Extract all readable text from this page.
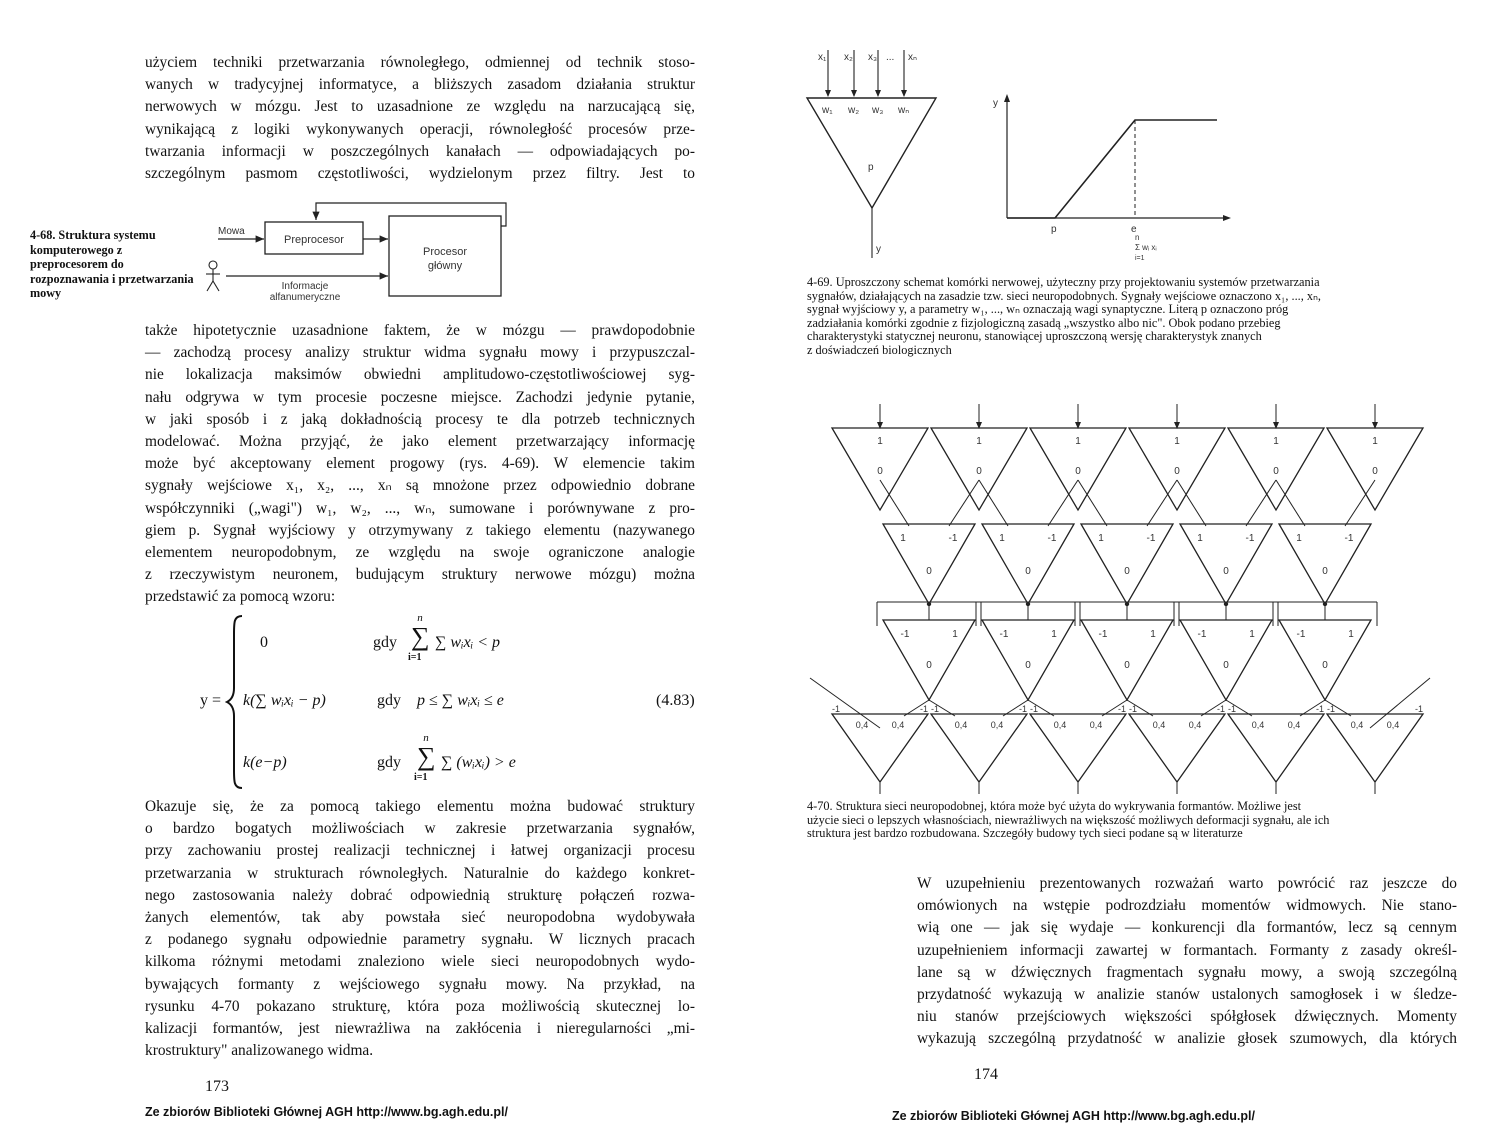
użyciem techniki przetwarzania równoległego, odmiennej od technik stoso-
wanych w tradycyjnej informatyce, a bliższych zasadom działania struktur
nerwowych w mózgu. Jest to uzasadnione ze względu na narzucającą się,
wynikającą z logiki wykonywanych operacji, równoległość procesów prze-
twarzania informacji w poszczególnych kanałach — odpowiadających po-
szczególnym pasmom częstotliwości, wydzielonym przez filtry. Jest to
4-68. Struktura systemu komputerowego z preprocesorem do rozpoznawania i przetwarzania mowy
Mowa
Preprocesor
Procesor
główny
Informacje
alfanumeryczne
także hipotetycznie uzasadnione faktem, że w mózgu — prawdopodobnie
— zachodzą procesy analizy struktur widma sygnału mowy i przypuszczal-
nie lokalizacja maksimów obwiedni amplitudowo-częstotliwościowej syg-
nału odgrywa w tym procesie poczesne miejsce. Zachodzi jedynie pytanie,
w jaki sposób i z jaką dokładnością procesy te dla potrzeb technicznych
modelować. Można przyjąć, że jako element przetwarzający informację
może być akceptowany element progowy (rys. 4-69). W elemencie takim
sygnały wejściowe x₁, x₂, ..., xₙ są mnożone przez odpowiednio dobrane
współczynniki („wagi") w₁, w₂, ..., wₙ, sumowane i porównywane z pro-
giem p. Sygnał wyjściowy y otrzymywany z takiego elementu (nazywanego
elementem neuropodobnym, ze względu na swoje ograniczone analogie
z rzeczywistym neuronem, budującym struktury nerwowe mózgu) można
przedstawić za pomocą wzoru:
y =
0	gdy
n
∑
i=1
∑ wᵢxᵢ < p
k(∑ wᵢxᵢ − p)	gdy p ≤ ∑ wᵢxᵢ ≤ e	(4.83)
k(e−p)	gdy
n
∑
i=1
∑ (wᵢxᵢ) > e
Okazuje się, że za pomocą takiego elementu można budować struktury
o bardzo bogatych możliwościach w zakresie przetwarzania sygnałów,
przy zachowaniu prostej realizacji technicznej i łatwej organizacji procesu
przetwarzania w strukturach równoległych. Naturalnie do każdego konkret-
nego zastosowania należy dobrać odpowiednią strukturę połączeń rozwa-
żanych elementów, tak aby powstała sieć neuropodobna wydobywała
z podanego sygnału odpowiednie parametry sygnału. W licznych pracach
kilkoma różnymi metodami znaleziono wiele sieci neuropodobnych wydo-
bywających formanty z wejściowego sygnału mowy. Na przykład, na
rysunku 4-70 pokazano strukturę, która poza możliwością skutecznej lo-
kalizacji formantów, jest niewrażliwa na zakłócenia i nieregularności „mi-
krostruktury" analizowanego widma.
173
Ze zbiorów Biblioteki Głównej AGH http://www.bg.agh.edu.pl/
x₁ x₂ x₃ ... xₙ
w₁ w₂ w₃ wₙ
p
y
y
p	e
n
Σ wᵢ xᵢ
i=1
4-69. Uproszczony schemat komórki nerwowej, użyteczny przy projektowaniu systemów przetwarzania
sygnałów, działających na zasadzie tzw. sieci neuropodobnych. Sygnały wejściowe oznaczono x₁, ..., xₙ,
sygnał wyjściowy y, a parametry w₁, ..., wₙ oznaczają wagi synaptyczne. Literą p oznaczono próg
zadziałania komórki zgodnie z fizjologiczną zasadą „wszystko albo nic". Obok podano przebieg
charakterystyki statycznej neuronu, stanowiącej uproszczoną wersję charakterystyk znanych
z doświadczeń biologicznych
1
0
1
0
1
0
1
0
1
0
1
0
1	-1
0
1	-1
0
1	-1
0
1	-1
0
1	-1
0
-1	1
0
-1	1
0
-1	1
0
-1	1
0
-1	1
0
0,4	0,4
-1	-1
0,4	0,4
-1	-1
0,4	0,4
-1	-1
0,4	0,4
-1	-1
0,4	0,4
-1	-1
0,4	0,4
-1	-1
4-70. Struktura sieci neuropodobnej, która może być użyta do wykrywania formantów. Możliwe jest
użycie sieci o lepszych własnościach, niewrażliwych na większość możliwych deformacji sygnału, ale ich
struktura jest bardzo rozbudowana. Szczegóły budowy tych sieci podane są w literaturze
W uzupełnieniu prezentowanych rozważań warto powrócić raz jeszcze do
omówionych na wstępie podrozdziału momentów widmowych. Nie stano-
wią one — jak się wydaje — konkurencji dla formantów, lecz są cennym
uzupełnieniem informacji zawartej w formantach. Formanty z zasady określ-
lane są w dźwięcznych fragmentach sygnału mowy, a swoją szczególną
przydatność wykazują w analizie stanów ustalonych samogłosek i w śledze-
niu stanów przejściowych większości spółgłosek dźwięcznych. Momenty
wykazują szczególną przydatność w analizie głosek szumowych, dla których
174
Ze zbiorów Biblioteki Głównej AGH http://www.bg.agh.edu.pl/
